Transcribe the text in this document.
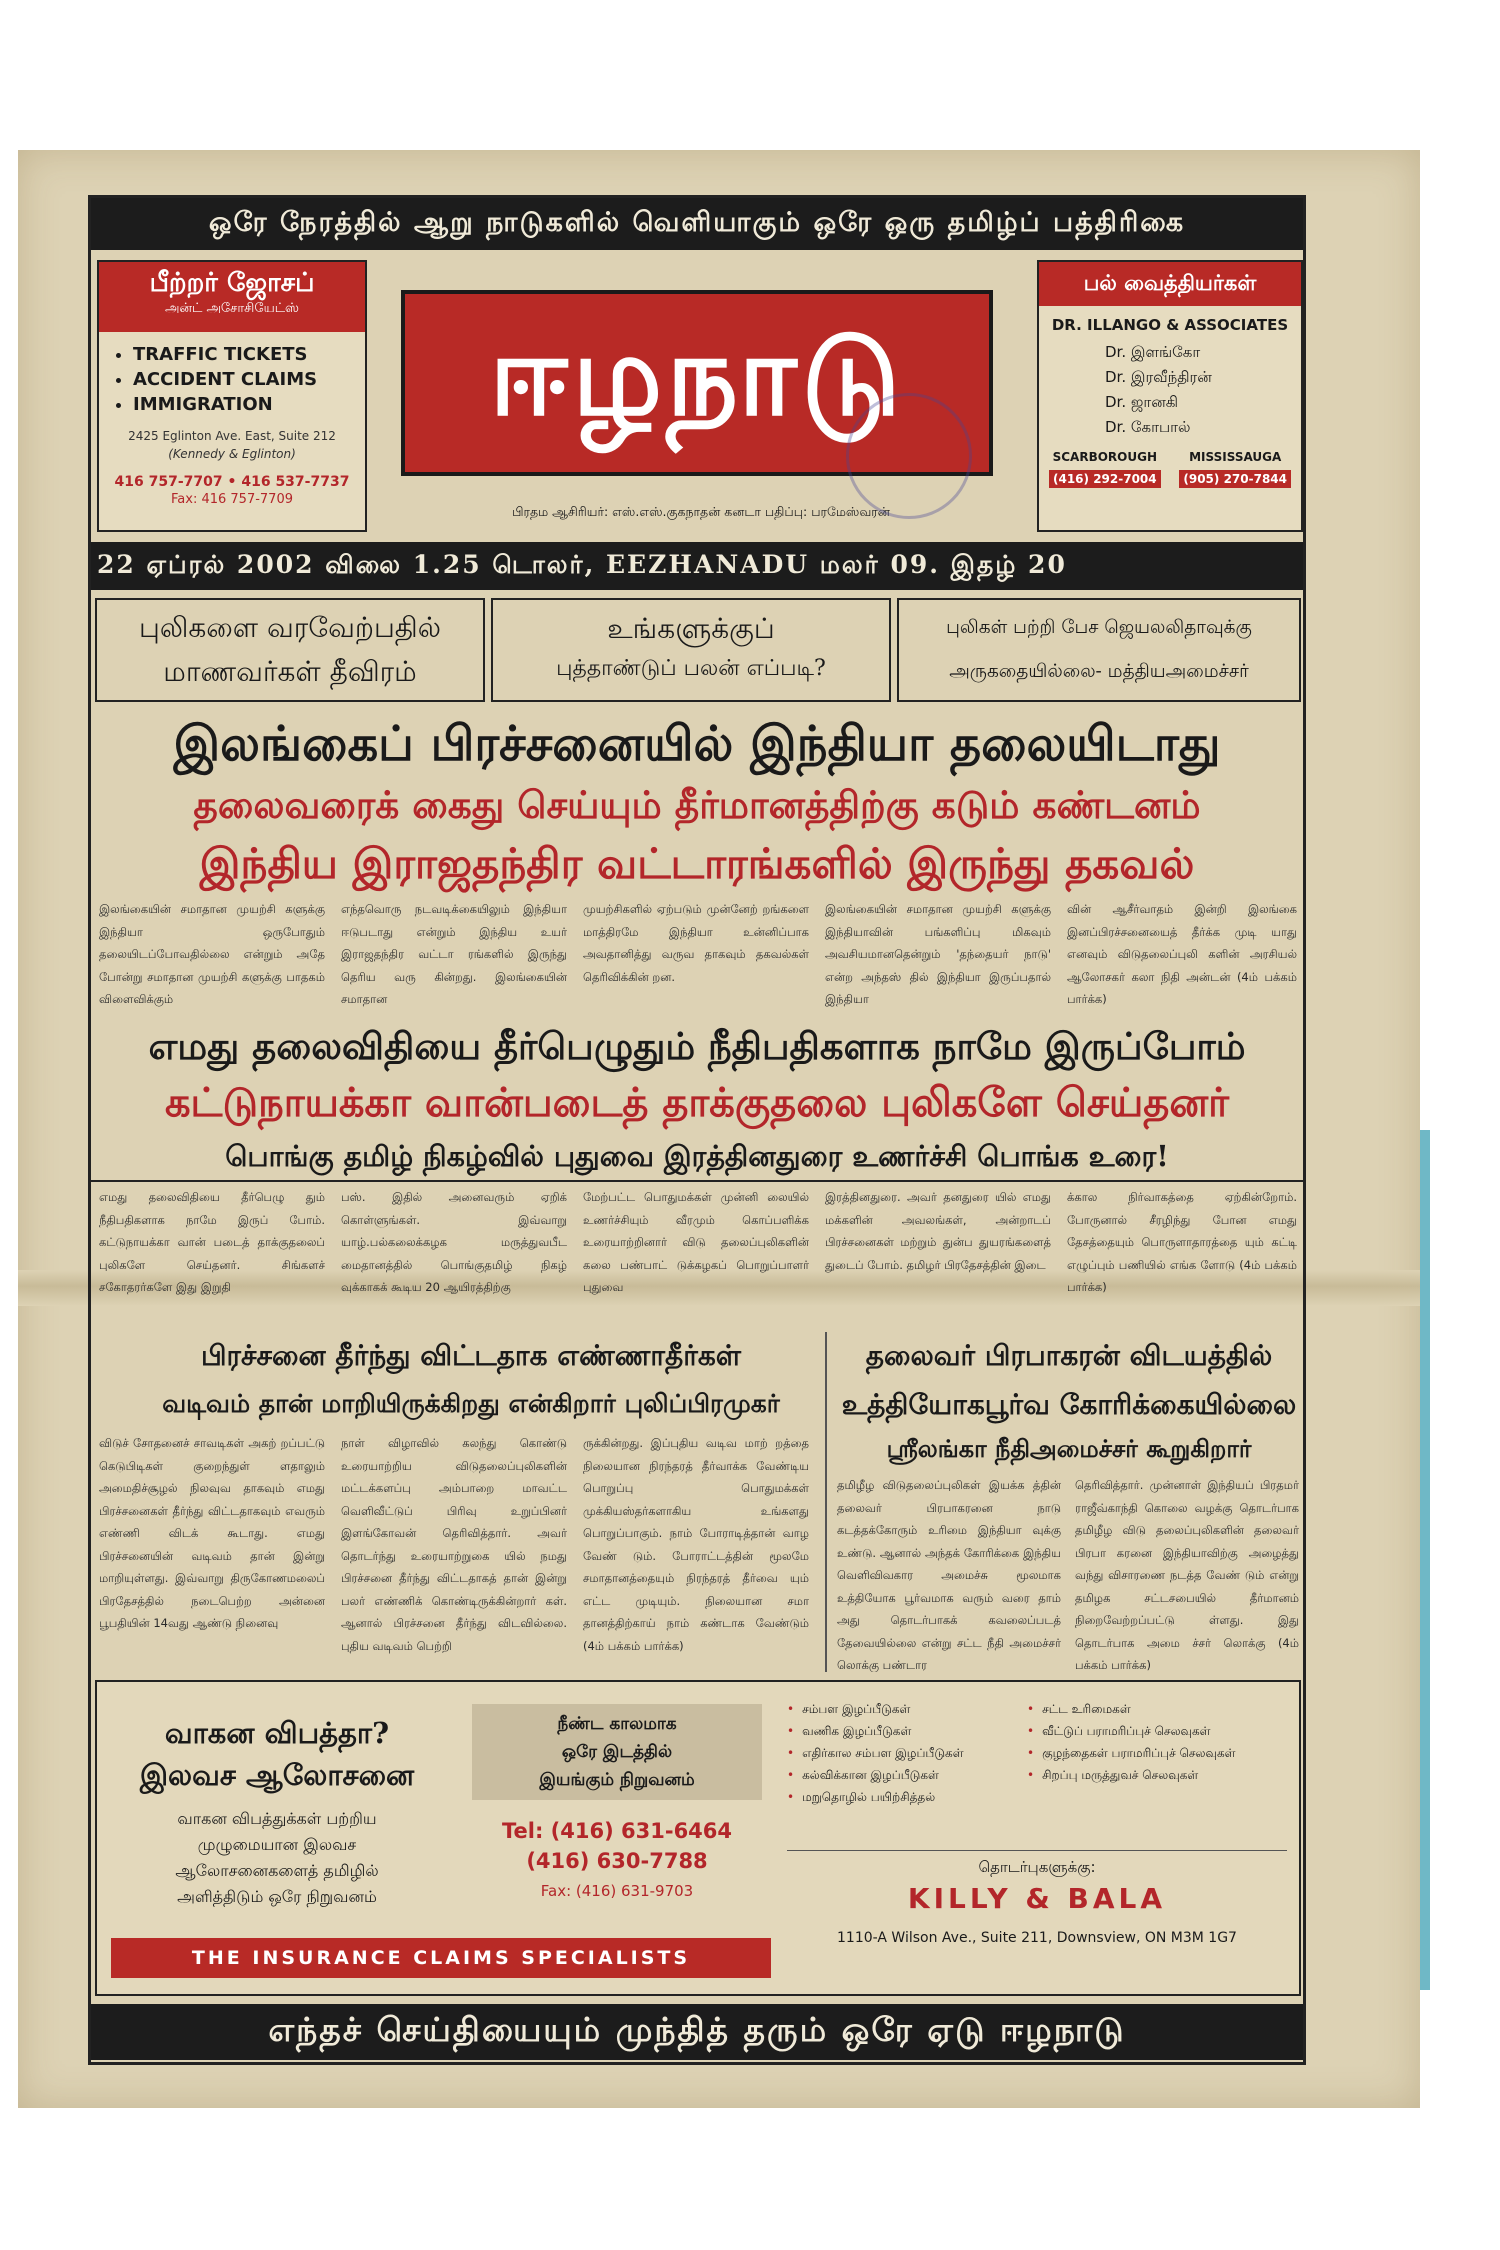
ஒரே நேரத்தில் ஆறு நாடுகளில் வெளியாகும் ஒரே ஒரு தமிழ்ப் பத்திரிகை
பீற்றர் ஜோசப்
அன்ட் அசோசியேட்ஸ்
• TRAFFIC TICKETS
• ACCIDENT CLAIMS
• IMMIGRATION
2425 Eglinton Ave. East, Suite 212
(Kennedy & Eglinton)
416 757-7707 • 416 537-7737
Fax: 416 757-7709
ஈழநாடு
பிரதம ஆசிரியர்: எஸ்.எஸ்.குகநாதன் கனடா பதிப்பு: பரமேஸ்வரன்
பல் வைத்தியர்கள்
DR. ILLANGO & ASSOCIATES
Dr. இளங்கோ
Dr. இரவீந்திரன்
Dr. ஜானகி
Dr. கோபால்
SCARBOROUGH
(416) 292-7004
MISSISSAUGA
(905) 270-7844
22 ஏப்ரல் 2002 விலை 1.25 டொலர், EEZHANADU மலர் 09. இதழ் 20
புலிகளை வரவேற்பதில்
மாணவர்கள் தீவிரம்
உங்களுக்குப்
புத்தாண்டுப் பலன் எப்படி?
புலிகள் பற்றி பேச ஜெயலலிதாவுக்கு
அருகதையில்லை- மத்தியஅமைச்சர்
இலங்கைப் பிரச்சனையில் இந்தியா தலையிடாது
தலைவரைக் கைது செய்யும் தீர்மானத்திற்கு கடும் கண்டனம்
இந்திய இராஜதந்திர வட்டாரங்களில் இருந்து தகவல்
இலங்கையின் சமாதான முயற்சி களுக்கு இந்தியா ஒருபோதும் தலையிடப்போவதில்லை என்றும் அதே போன்று சமாதான முயற்சி களுக்கு பாதகம் விளைவிக்கும்
எந்தவொரு நடவடிக்கையிலும் இந்தியா ஈடுபடாது என்றும் இந்திய உயர் இராஜதந்திர வட்டா ரங்களில் இருந்து தெரிய வரு கின்றது. இலங்கையின் சமாதான
முயற்சிகளில் ஏற்படும் முன்னேற் றங்களை மாத்திரமே இந்தியா உன்னிப்பாக அவதானித்து வருவ தாகவும் தகவல்கள் தெரிவிக்கின் றன.
இலங்கையின் சமாதான முயற்சி களுக்கு இந்தியாவின் பங்களிப்பு மிகவும் அவசியமானதென்றும் 'தந்தையர் நாடு' என்ற அந்தஸ் தில் இந்தியா இருப்பதால் இந்தியா
வின் ஆசீர்வாதம் இன்றி இலங்கை இனப்பிரச்சனையைத் தீர்க்க முடி யாது எனவும் விடுதலைப்புலி களின் அரசியல் ஆலோசகர் கலா நிதி அன்டன் (4ம் பக்கம் பார்க்க)
எமது தலைவிதியை தீர்பெழுதும் நீதிபதிகளாக நாமே இருப்போம்
கட்டுநாயக்கா வான்படைத் தாக்குதலை புலிகளே செய்தனர்
பொங்கு தமிழ் நிகழ்வில் புதுவை இரத்தினதுரை உணர்ச்சி பொங்க உரை!
எமது தலைவிதியை தீர்பெழு தும் நீதிபதிகளாக நாமே இருப் போம். கட்டுநாயக்கா வான் படைத் தாக்குதலைப் புலிகளே செய்தனர். சிங்களச் சகோதரர்களே இது இறுதி
பஸ். இதில் அனைவரும் ஏறிக் கொள்ளுங்கள். இவ்வாறு யாழ்.பல்கலைக்கழக மருத்துவபீட மைதானத்தில் பொங்குதமிழ் நிகழ் வுக்காகக் கூடிய 20 ஆயிரத்திற்கு
மேற்பட்ட பொதுமக்கள் முன்னி லையில் உணர்ச்சியும் வீரமும் கொப்பளிக்க உரையாற்றினார் விடு தலைப்புலிகளின் கலை பண்பாட் டுக்கழகப் பொறுப்பாளர் புதுவை
இரத்தினதுரை. அவர் தனதுரை யில் எமது மக்களின் அவலங்கள், அன்றாடப் பிரச்சனைகள் மற்றும் துன்ப துயரங்களைத் துடைப் போம். தமிழர் பிரதேசத்தின் இடை
க்கால நிர்வாகத்தை ஏற்கின்றோம். போருனால் சீரழிந்து போன எமது தேசத்தையும் பொருளாதாரத்தை யும் கட்டி எழுப்பும் பணியில் எங்க ளோடு (4ம் பக்கம் பார்க்க)
பிரச்சனை தீர்ந்து விட்டதாக எண்ணாதீர்கள்
வடிவம் தான் மாறியிருக்கிறது என்கிறார் புலிப்பிரமுகர்
விடுச் சோதனைச் சாவடிகள் அகற் றப்பட்டு கெடுபிடிகள் குறைந்துள் ளதாலும் அமைதிச்சூழல் நிலவுவ தாகவும் எமது பிரச்சனைகள் தீர்ந்து விட்டதாகவும் எவரும் எண்ணி விடக் கூடாது. எமது பிரச்சனையின் வடிவம் தான் இன்று மாறியுள்ளது. இவ்வாறு திருகோணமலைப் பிரதேசத்தில் நடைபெற்ற அன்னை பூபதியின் 14வது ஆண்டு நினைவு
நாள் விழாவில் கலந்து கொண்டு உரையாற்றிய விடுதலைப்புலிகளின் மட்டக்களப்பு அம்பாறை மாவட்ட வெளிவீட்டுப் பிரிவு உறுப்பினர் இளங்கோவன் தெரிவித்தார். அவர் தொடர்ந்து உரையாற்றுகை யில் நமது பிரச்சனை தீர்ந்து விட்டதாகத் தான் இன்று பலர் எண்ணிக் கொண்டிருக்கின்றார் கள். ஆனால் பிரச்சனை தீர்ந்து விடவில்லை. புதிய வடிவம் பெற்றி
ருக்கின்றது. இப்புதிய வடிவ மாற் றத்தை நிலையான நிரந்தரத் தீர்வாக்க வேண்டிய பொறுப்பு பொதுமக்கள் முக்கியஸ்தர்களாகிய உங்களது பொறுப்பாகும். நாம் போராடித்தான் வாழ வேண் டும். போராட்டத்தின் மூலமே சமாதானத்தையும் நிரந்தரத் தீர்வை யும் எட்ட முடியும். நிலையான சமா தானத்திற்காய் நாம் கண்டாக வேண்டும் (4ம் பக்கம் பார்க்க)
தலைவர் பிரபாகரன் விடயத்தில்
உத்தியோகபூர்வ கோரிக்கையில்லை
ஸ்ரீலங்கா நீதிஅமைச்சர் கூறுகிறார்
தமிழீழ விடுதலைப்புலிகள் இயக்க த்தின் தலைவர் பிரபாகரனை நாடு கடத்தக்கோரும் உரிமை இந்தியா வுக்கு உண்டு. ஆனால் அந்தக் கோரிக்கை இந்திய வெளிவிவகார அமைச்சு மூலமாக உத்தியோக பூர்வமாக வரும் வரை தாம் அது தொடர்பாகக் கவலைப்படத் தேவையில்லை என்று சட்ட நீதி அமைச்சர் லொக்கு பண்டார
தெரிவித்தார். முன்னாள் இந்தியப் பிரதமர் ராஜீவ்காந்தி கொலை வழக்கு தொடர்பாக தமிழீழ விடு தலைப்புலிகளின் தலைவர் பிரபா கரனை இந்தியாவிற்கு அழைத்து வந்து விசாரணை நடத்த வேண் டும் என்று தமிழக சட்டசபையில் தீர்மானம் நிறைவேற்றப்பட்டு ள்ளது. இது தொடர்பாக அமை ச்சர் லொக்கு (4ம் பக்கம் பார்க்க)
வாகன விபத்தா?
இலவச ஆலோசனை
வாகன விபத்துக்கள் பற்றிய
முழுமையான இலவச
ஆலோசனைகளைத் தமிழில்
அளித்திடும் ஒரே நிறுவனம்
நீண்ட காலமாக
ஒரே இடத்தில்
இயங்கும் நிறுவனம்
Tel: (416) 631-6464
(416) 630-7788
Fax: (416) 631-9703
• சம்பள இழப்பீடுகள்
• வணிக இழப்பீடுகள்
• எதிர்கால சம்பள இழப்பீடுகள்
• கல்விக்கான இழப்பீடுகள்
• மறுதொழில் பயிற்சித்தல்
• சட்ட உரிமைகள்
• வீட்டுப் பராமரிப்புச் செலவுகள்
• குழந்தைகள் பராமரிப்புச் செலவுகள்
• சிறப்பு மருத்துவச் செலவுகள்
தொடர்புகளுக்கு:
KILLY & BALA
1110-A Wilson Ave., Suite 211, Downsview, ON M3M 1G7
THE INSURANCE CLAIMS SPECIALISTS
எந்தச் செய்தியையும் முந்தித் தரும் ஒரே ஏடு ஈழநாடு
